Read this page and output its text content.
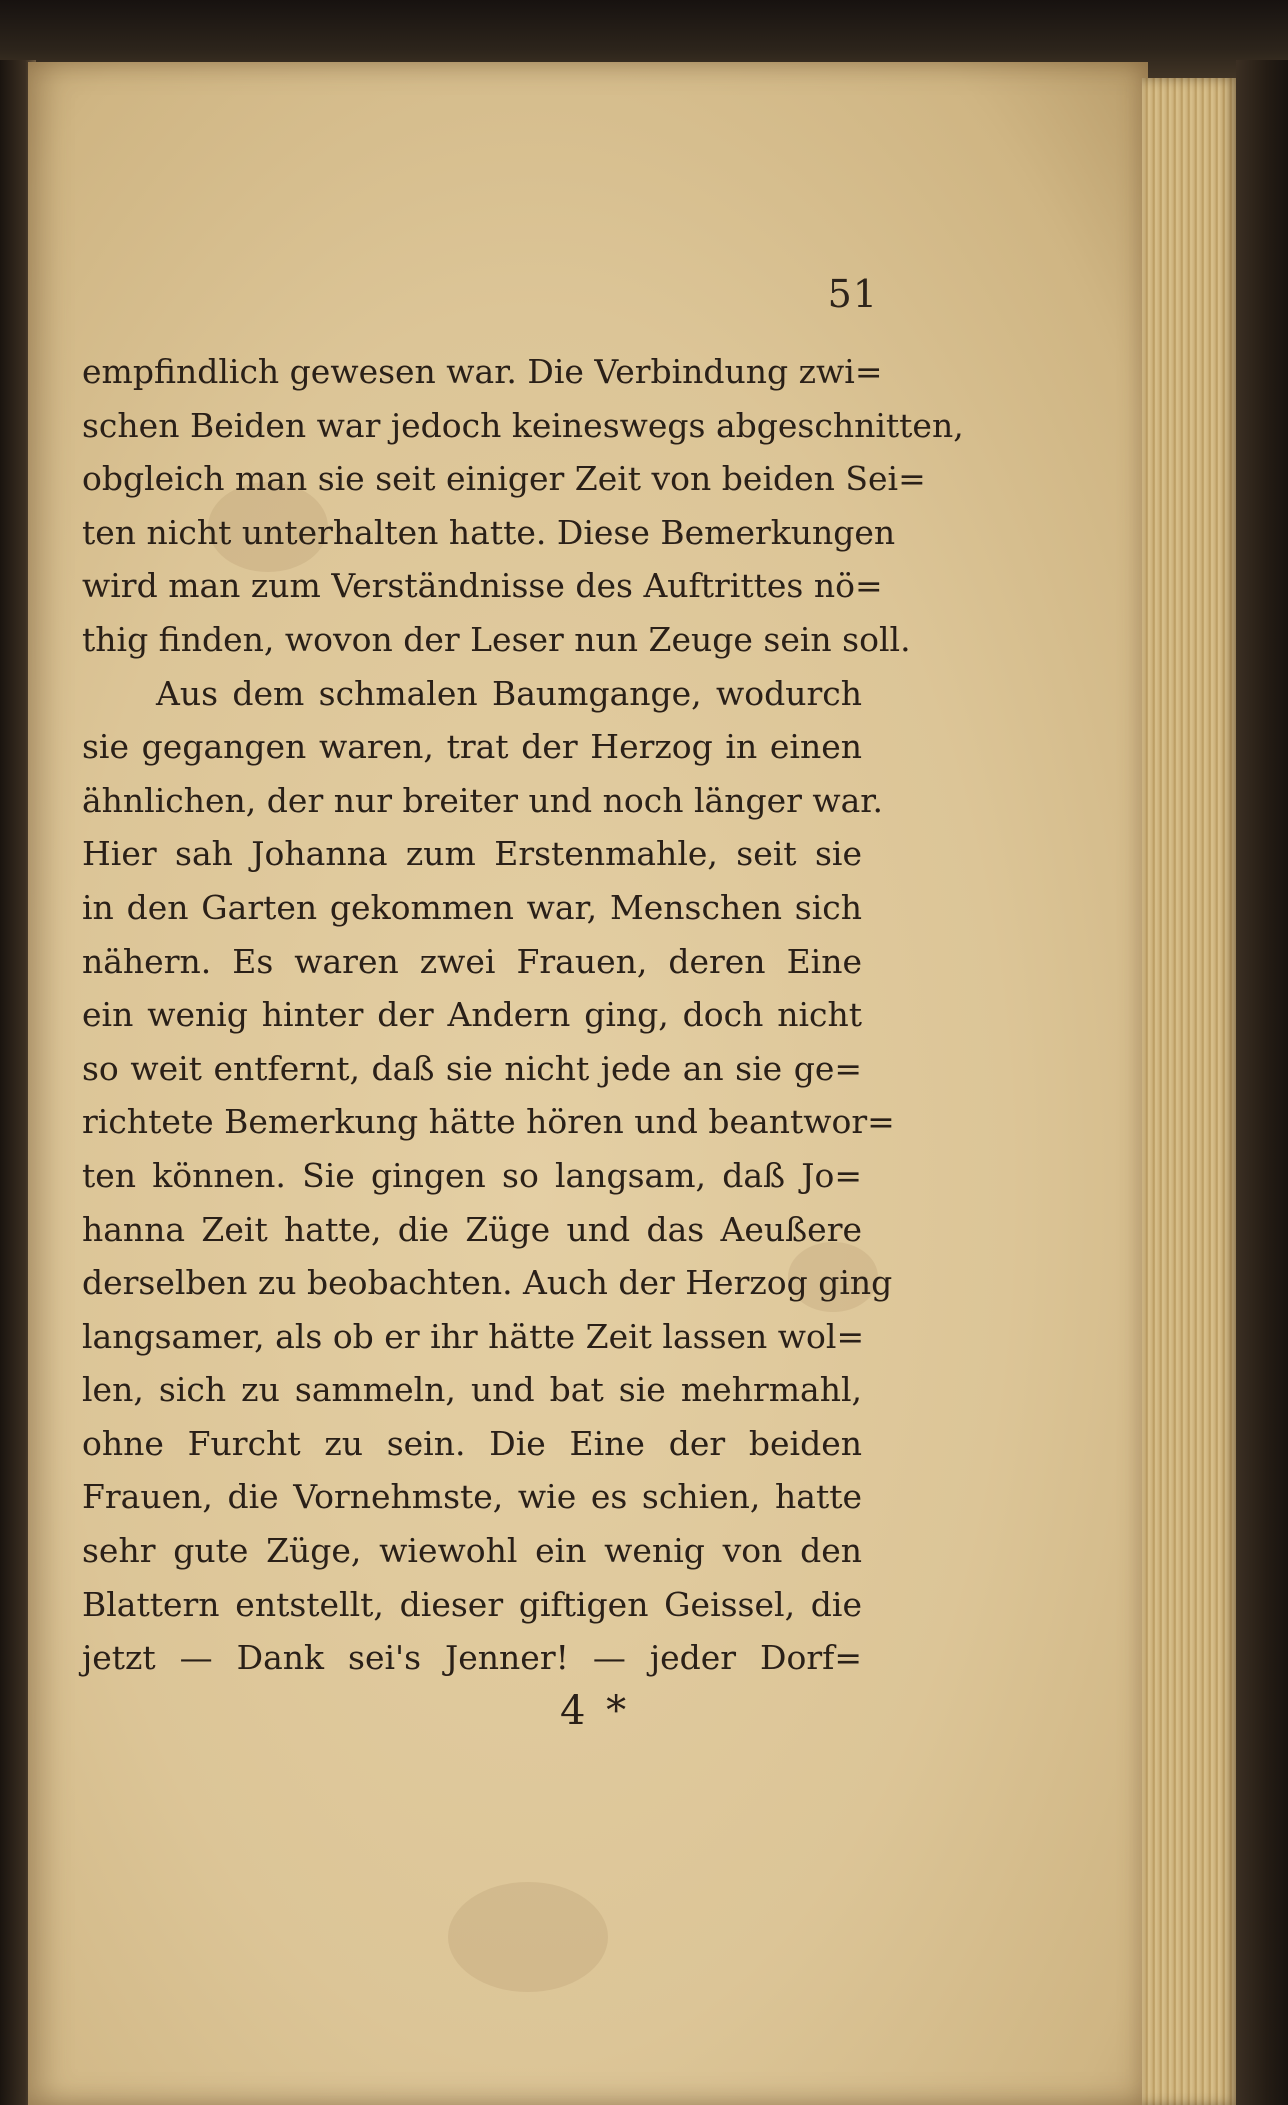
51
empfindlich gewesen war. Die Verbindung zwi=
schen Beiden war jedoch keineswegs abgeschnitten,
obgleich man sie seit einiger Zeit von beiden Sei=
ten nicht unterhalten hatte. Diese Bemerkungen
wird man zum Verständnisse des Auftrittes nö=
thig finden, wovon der Leser nun Zeuge sein soll.
Aus dem schmalen Baumgange, wodurch
sie gegangen waren, trat der Herzog in einen
ähnlichen, der nur breiter und noch länger war.
Hier sah Johanna zum Erstenmahle, seit sie
in den Garten gekommen war, Menschen sich
nähern. Es waren zwei Frauen, deren Eine
ein wenig hinter der Andern ging, doch nicht
so weit entfernt, daß sie nicht jede an sie ge=
richtete Bemerkung hätte hören und beantwor=
ten können. Sie gingen so langsam, daß Jo=
hanna Zeit hatte, die Züge und das Aeußere
derselben zu beobachten. Auch der Herzog ging
langsamer, als ob er ihr hätte Zeit lassen wol=
len, sich zu sammeln, und bat sie mehrmahl,
ohne Furcht zu sein. Die Eine der beiden
Frauen, die Vornehmste, wie es schien, hatte
sehr gute Züge, wiewohl ein wenig von den
Blattern entstellt, dieser giftigen Geissel, die
jetzt — Dank sei's Jenner! — jeder Dorf=
4 *
